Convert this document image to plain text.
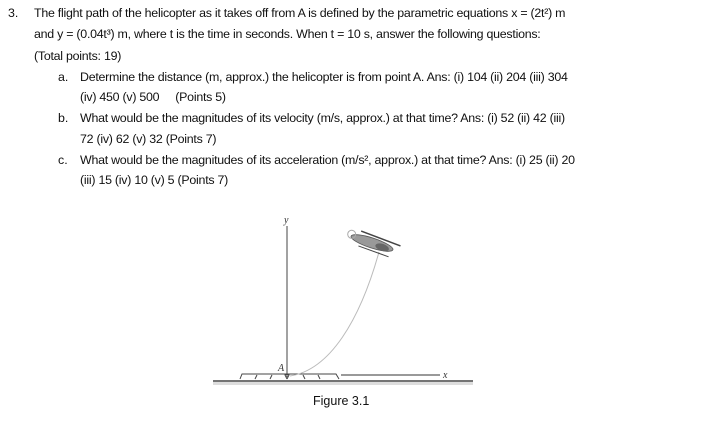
3. The flight path of the helicopter as it takes off from A is defined by the parametric equations x = (2t²) m
and y = (0.04t³) m, where t is the time in seconds. When t = 10 s, answer the following questions:
(Total points: 19)
a. Determine the distance (m, approx.) the helicopter is from point A. Ans: (i) 104 (ii) 204 (iii) 304
(iv) 450 (v) 500     (Points 5)
b. What would be the magnitudes of its velocity (m/s, approx.) at that time? Ans: (i) 52 (ii) 42 (iii)
72 (iv) 62 (v) 32 (Points 7)
c. What would be the magnitudes of its acceleration (m/s², approx.) at that time? Ans: (i) 25 (ii) 20
(iii) 15 (iv) 10 (v) 5 (Points 7)
y
x
A
Figure 3.1
